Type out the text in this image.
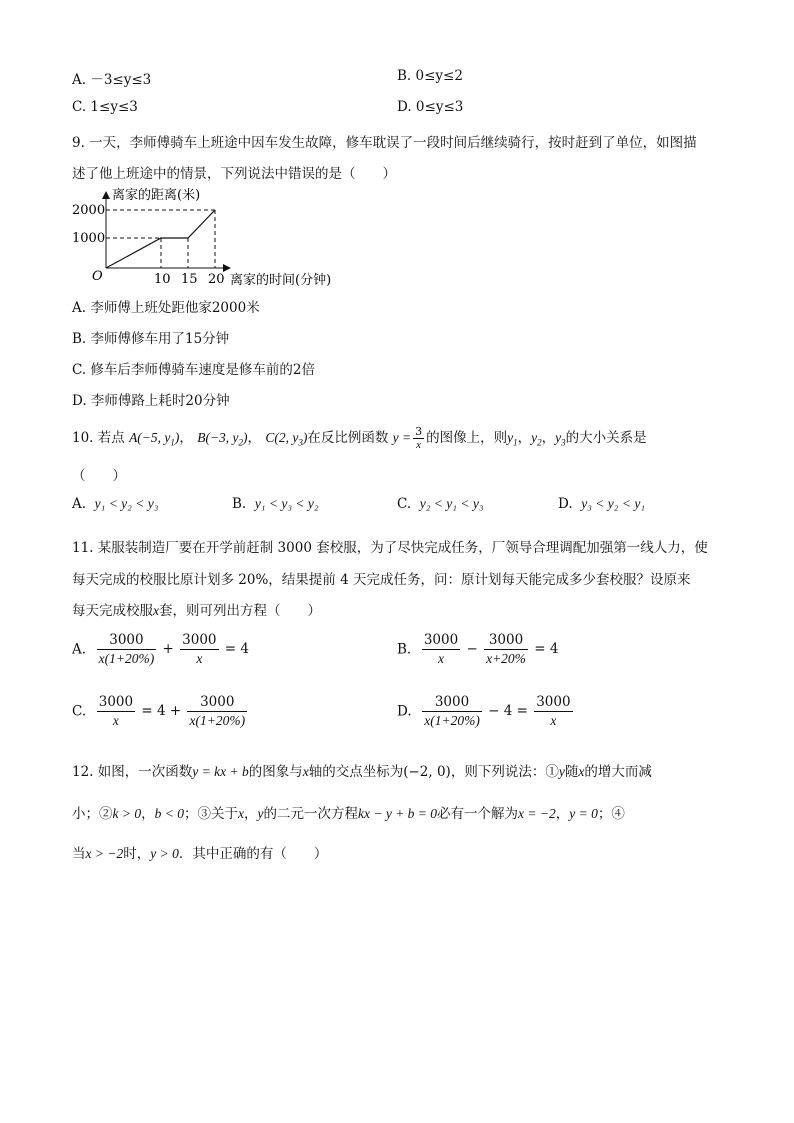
A. －3≤y≤3	B. 0≤y≤2
C. 1≤y≤3	D. 0≤y≤3
9. 一天，李师傅骑车上班途中因车发生故障，修车耽误了一段时间后继续骑行，按时赶到了单位，如图描
述了他上班途中的情景，下列说法中错误的是（　　）
离家的距离(米)
2000
1000
O	10 15 20 离家的时间(分钟)
A. 李师傅上班处距他家2000米
B. 李师傅修车用了15分钟
C. 修车后李师傅骑车速度是修车前的2倍
D. 李师傅路上耗时20分钟
10. 若点 A(−5, $y_1$)， B(−3, $y_2$)， C(2, $y_3$)在反比例函数 $y = \frac{3}{x}$ 的图像上，则$y_1$，$y_2$，$y_3$的大小关系是
（　　）
A. y₁ < y₂ < y₃	B. y₁ < y₃ < y₂	C. y₂ < y₁ < y₃	D. y₃ < y₂ < y₁
11. 某服装制造厂要在开学前赶制 3000 套校服，为了尽快完成任务，厂领导合理调配加强第一线人力，使
每天完成的校服比原计划多 20%，结果提前 4 天完成任务，问：原计划每天能完成多少套校服？设原来
每天完成校服x套，则可列出方程（　　）
A. $\frac{3000}{x(1+20\%)} + \frac{3000}{x} = 4$	B. $\frac{3000}{x} - \frac{3000}{x+20\%} = 4$
C. $\frac{3000}{x} = 4 + \frac{3000}{x(1+20\%)}$	D. $\frac{3000}{x(1+20\%)} - 4 = \frac{3000}{x}$
12. 如图，一次函数y = kx + b的图象与x轴的交点坐标为(−2, 0)，则下列说法：①y随x的增大而减
小；②k > 0，b < 0；③关于x，y的二元一次方程kx − y + b = 0必有一个解为x = −2，y = 0；④
当x > −2时，y > 0．其中正确的有（　　）
